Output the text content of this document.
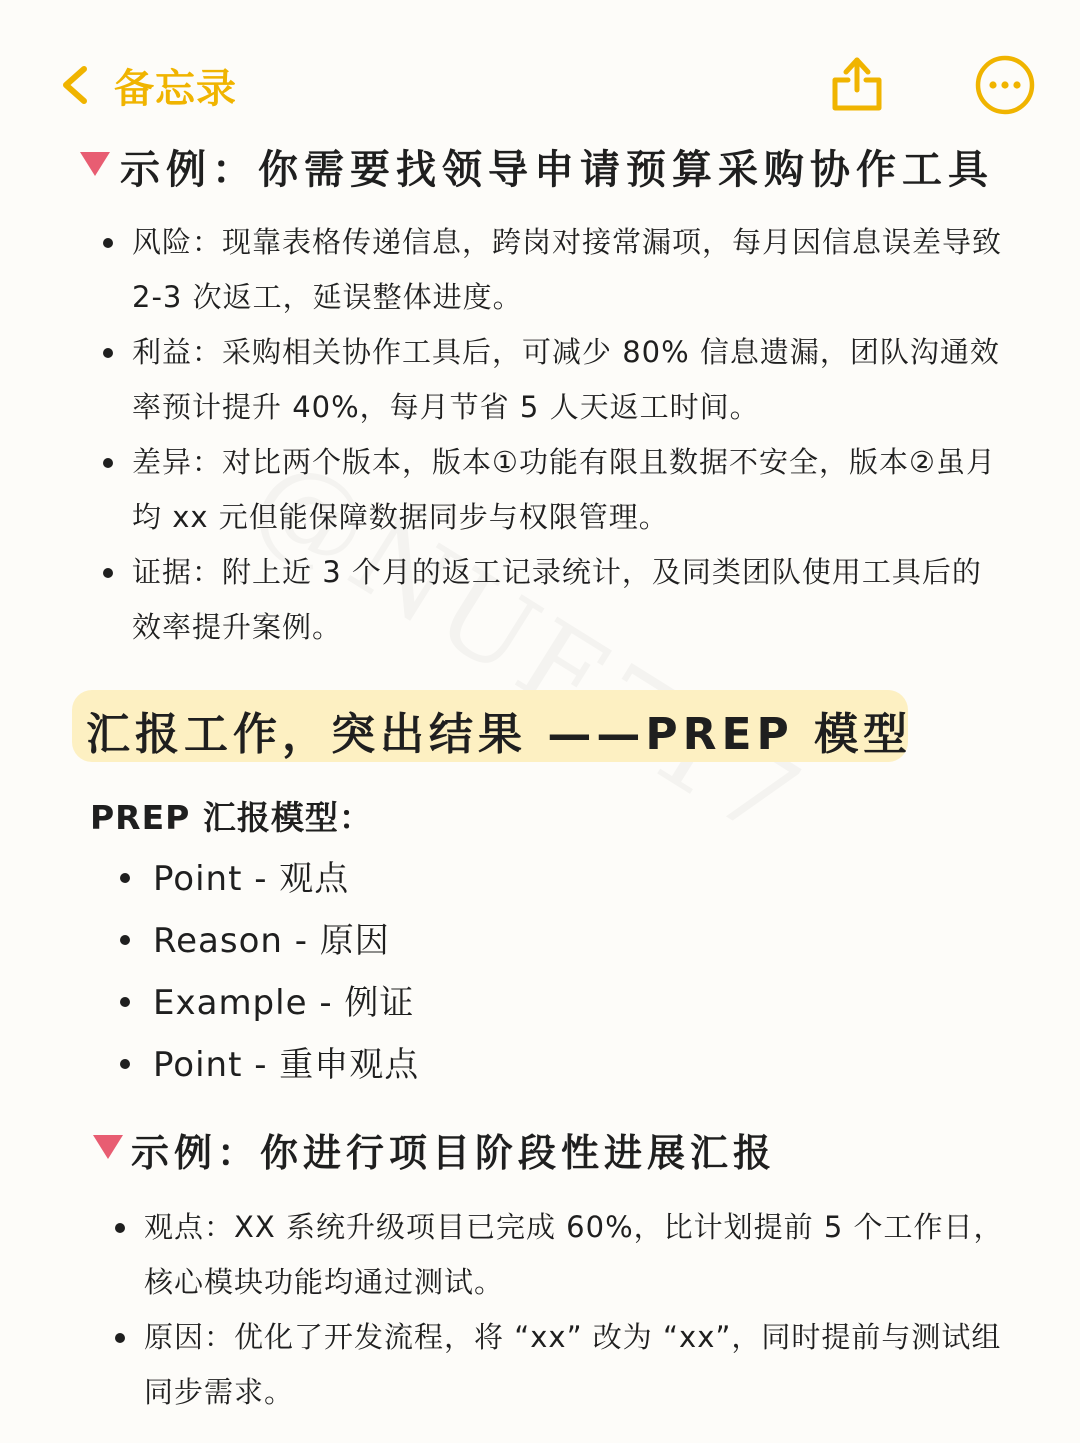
备忘录
示例：你需要找领导申请预算采购协作工具
风险：现靠表格传递信息，跨岗对接常漏项，每月因信息误差导致 2-3 次返工，延误整体进度。
利益：采购相关协作工具后，可减少 80% 信息遗漏，团队沟通效率预计提升 40%，每月节省 5 人天返工时间。
差异：对比两个版本，版本①功能有限且数据不安全，版本②虽月均 xx 元但能保障数据同步与权限管理。
证据：附上近 3 个月的返工记录统计，及同类团队使用工具后的效率提升案例。
汇报工作，突出结果 ——PREP 模型
PREP 汇报模型：
Point - 观点
Reason - 原因
Example - 例证
Point - 重申观点
示例：你进行项目阶段性进展汇报
观点：XX 系统升级项目已完成 60%，比计划提前 5 个工作日，核心模块功能均通过测试。
原因：优化了开发流程，将 “xx” 改为 “xx”，同时提前与测试组同步需求。
